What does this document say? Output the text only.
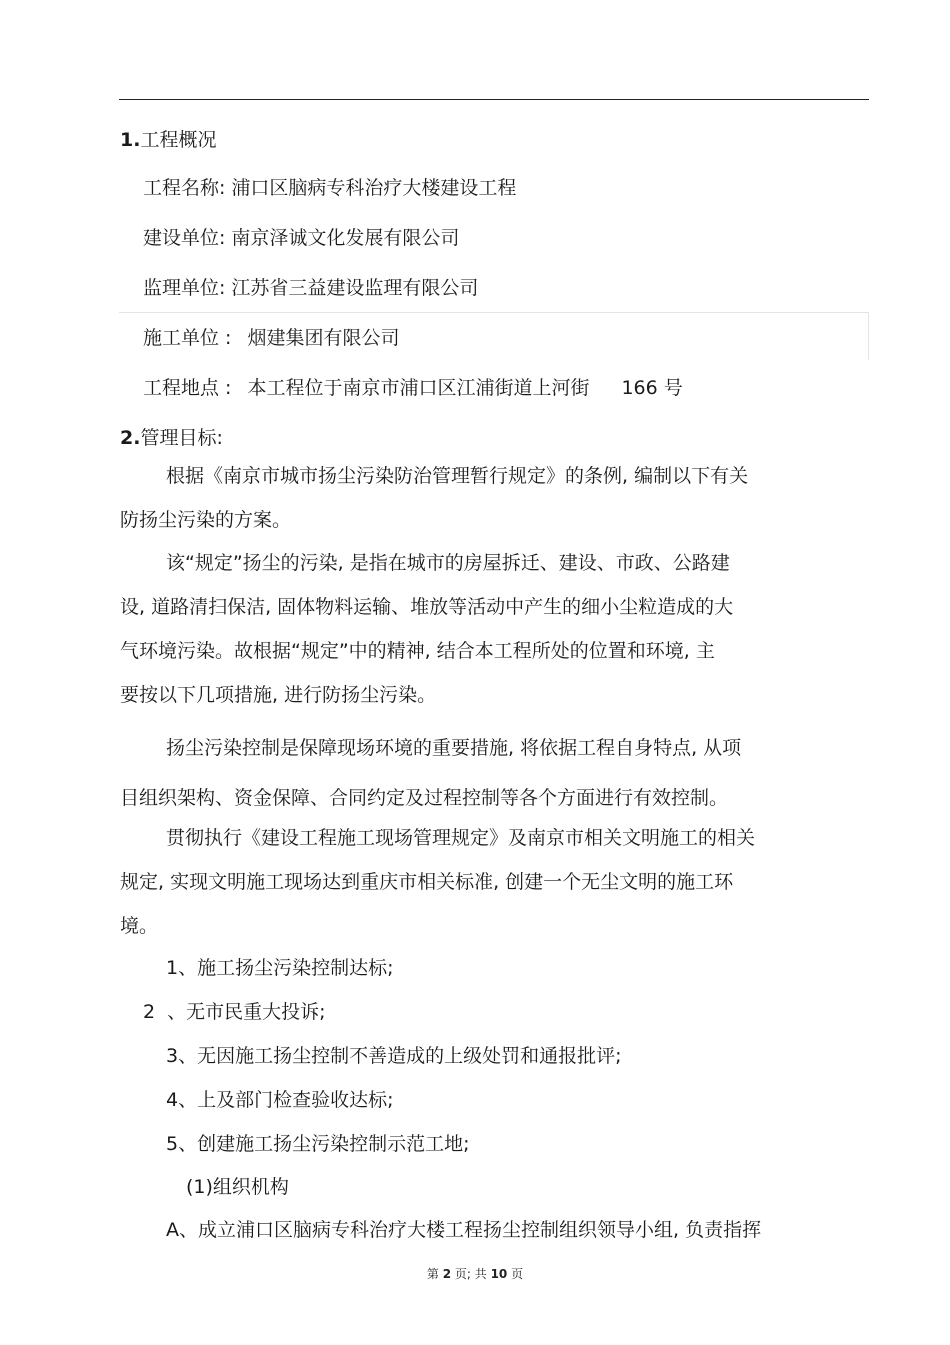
1.工程概况
工程名称: 浦口区脑病专科治疗大楼建设工程
建设单位: 南京泽诚文化发展有限公司
监理单位: 江苏省三益建设监理有限公司
施工单位 : 烟建集团有限公司
工程地点 : 本工程位于南京市浦口区江浦街道上河街 166 号
2.管理目标:
根据《南京市城市扬尘污染防治管理暂行规定》的条例, 编制以下有关
防扬尘污染的方案。
该“规定”扬尘的污染, 是指在城市的房屋拆迁、建设、市政、公路建
设, 道路清扫保洁, 固体物料运输、堆放等活动中产生的细小尘粒造成的大
气环境污染。故根据“规定”中的精神, 结合本工程所处的位置和环境, 主
要按以下几项措施, 进行防扬尘污染。
扬尘污染控制是保障现场环境的重要措施, 将依据工程自身特点, 从项
目组织架构、资金保障、合同约定及过程控制等各个方面进行有效控制。
贯彻执行《建设工程施工现场管理规定》及南京市相关文明施工的相关
规定, 实现文明施工现场达到重庆市相关标准, 创建一个无尘文明的施工环
境。
1、施工扬尘污染控制达标;
2 、无市民重大投诉;
3、无因施工扬尘控制不善造成的上级处罚和通报批评;
4、上及部门检查验收达标;
5、创建施工扬尘污染控制示范工地;
(1)组织机构
A、成立浦口区脑病专科治疗大楼工程扬尘控制组织领导小组, 负责指挥
第 2 页; 共 10 页
